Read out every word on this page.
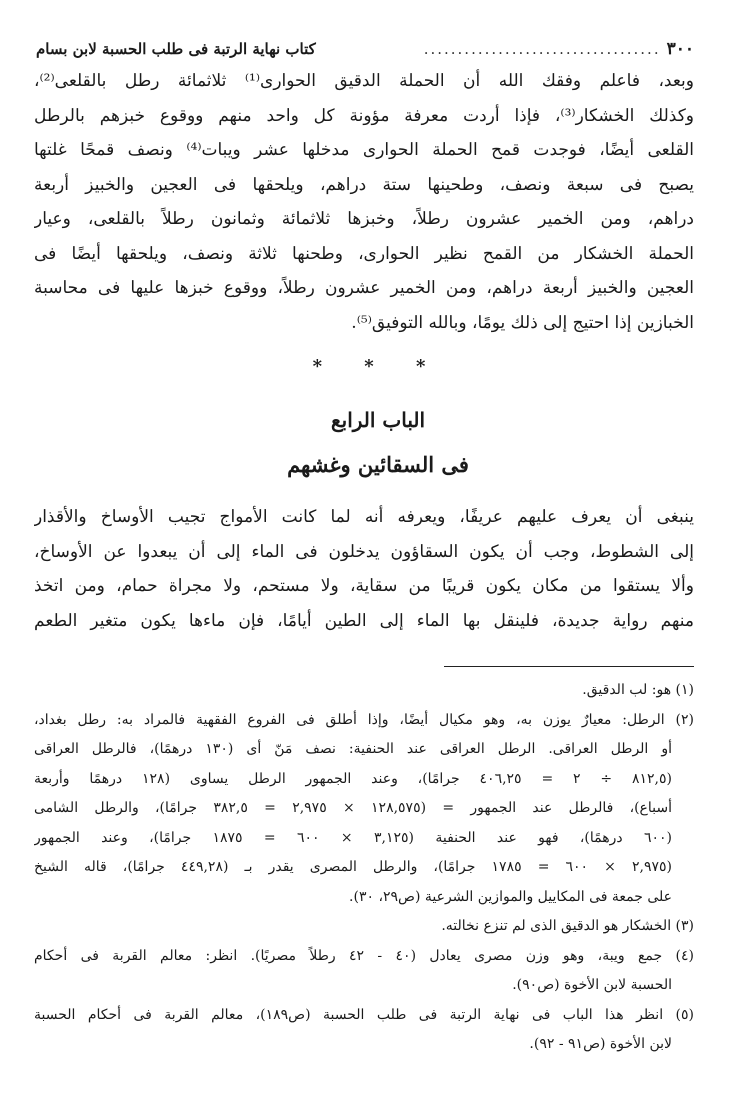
٣٠٠
...................................
كتاب نهاية الرتبة فى طلب الحسبة لابن بسام
وبعد، فاعلم وفقك الله أن الحملة الدقيق الحوارى⁽¹⁾ ثلاثمائة رطل بالقلعى⁽²⁾،
وكذلك الخشكار⁽³⁾، فإذا أردت معرفة مؤونة كل واحد منهم ووقوع خبزهم بالرطل
القلعى أيضًا، فوجدت قمح الحملة الحوارى مدخلها عشر ويبات⁽⁴⁾ ونصف قمحًا غلتها
يصبح فى سبعة ونصف، وطحينها ستة دراهم، ويلحقها فى العجين والخبيز أربعة
دراهم، ومن الخمير عشرون رطلاً، وخبزها ثلاثمائة وثمانون رطلاً بالقلعى، وعيار
الحملة الخشكار من القمح نظير الحوارى، وطحنها ثلاثة ونصف، ويلحقها أيضًا فى
العجين والخبيز أربعة دراهم، ومن الخمير عشرون رطلاً، ووقوع خبزها عليها فى محاسبة
الخبازين إذا احتيج إلى ذلك يومًا، وبالله التوفيق⁽⁵⁾.
* * *
الباب الرابع
فى السقائين وغشهم
ينبغى أن يعرف عليهم عريفًا، ويعرفه أنه لما كانت الأمواج تجيب الأوساخ والأقذار
إلى الشطوط، وجب أن يكون السقاؤون يدخلون فى الماء إلى أن يبعدوا عن الأوساخ،
وألا يستقوا من مكان يكون قريبًا من سقاية، ولا مستحم، ولا مجراة حمام، ومن اتخذ
منهم رواية جديدة، فلينقل بها الماء إلى الطين أيامًا، فإن ماءها يكون متغير الطعم
(١) هو: لب الدقيق.
(٢) الرطل: معيارٌ يوزن به، وهو مكيال أيضًا، وإذا أطلق فى الفروع الفقهية فالمراد به: رطل بغداد،
أو الرطل العراقى. الرطل العراقى عند الحنفية: نصف مَنّ أى (١٣٠ درهمًا)، فالرطل العراقى
(٨١٢,٥ ÷ ٢ = ٤٠٦,٢٥ جرامًا)، وعند الجمهور الرطل يساوى (١٢٨ درهمًا وأربعة
أسباع)، فالرطل عند الجمهور = (١٢٨,٥٧٥ × ٢,٩٧٥ = ٣٨٢,٥ جرامًا)، والرطل الشامى
(٦٠٠ درهمًا)، فهو عند الحنفية (٣,١٢٥ × ٦٠٠ = ١٨٧٥ جرامًا)، وعند الجمهور
(٢,٩٧٥ × ٦٠٠ = ١٧٨٥ جرامًا)، والرطل المصرى يقدر بـ (٤٤٩,٢٨ جرامًا)، قاله الشيخ
على جمعة فى المكاييل والموازين الشرعية (ص٢٩، ٣٠).
(٣) الخشكار هو الدقيق الذى لم تنزع نخالته.
(٤) جمع ويبة، وهو وزن مصرى يعادل (٤٠ - ٤٢ رطلاً مصريًا). انظر: معالم القربة فى أحكام
الحسبة لابن الأخوة (ص٩٠).
(٥) انظر هذا الباب فى نهاية الرتبة فى طلب الحسبة (ص١٨٩)، معالم القربة فى أحكام الحسبة
لابن الأخوة (ص٩١ - ٩٢).
